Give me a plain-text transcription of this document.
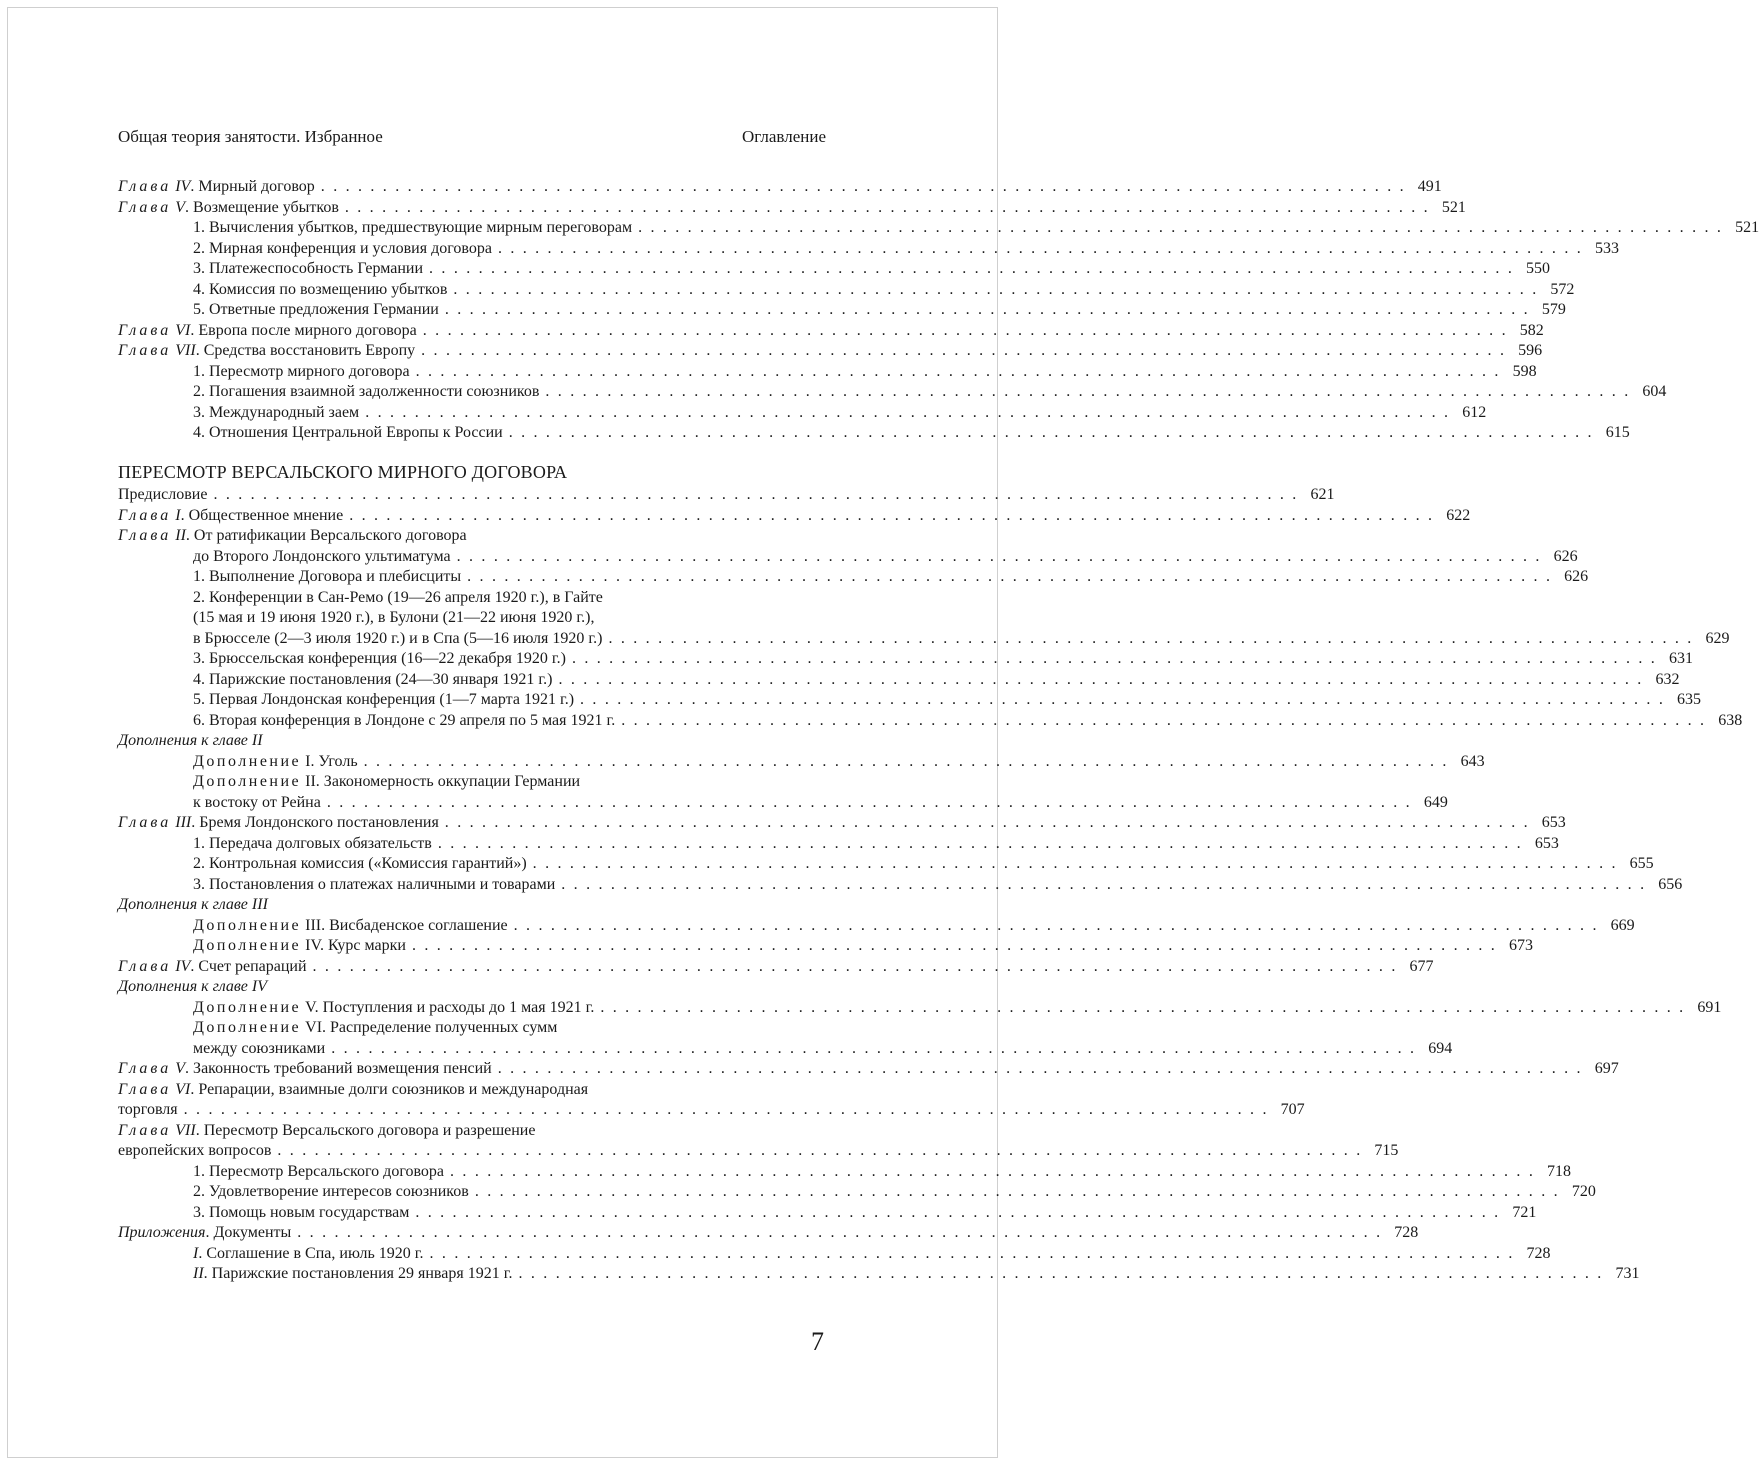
Общая теория занятости. Избранное	Оглавление
Глава IV. Мирный договор . . . . . . . . . . . . . . . . . . . . . . . . . . . . . . . . . . . . . . . . . . . . . . . . . . . . . . . . . . . . . . . . . . . . . . . . . . . . . . . . . . . . . . . . 491
Глава V. Возмещение убытков . . . . . . . . . . . . . . . . . . . . . . . . . . . . . . . . . . . . . . . . . . . . . . . . . . . . . . . . . . . . . . . . . . . . . . . . . . . . . . . . . . . . . . . . 521
1. Вычисления убытков, предшествующие мирным переговорам . . . . . . . . . . . . . . . . . . . . . . . . . . . . . . . . . . . . . . . . . . . . . . . . . . . . . . . . . . . . . . . . . . . . . . . . . . . . . . . . . . . . . . . . 521
2. Мирная конференция и условия договора . . . . . . . . . . . . . . . . . . . . . . . . . . . . . . . . . . . . . . . . . . . . . . . . . . . . . . . . . . . . . . . . . . . . . . . . . . . . . . . . . . . . . . . . 533
3. Платежеспособность Германии . . . . . . . . . . . . . . . . . . . . . . . . . . . . . . . . . . . . . . . . . . . . . . . . . . . . . . . . . . . . . . . . . . . . . . . . . . . . . . . . . . . . . . . . 550
4. Комиссия по возмещению убытков . . . . . . . . . . . . . . . . . . . . . . . . . . . . . . . . . . . . . . . . . . . . . . . . . . . . . . . . . . . . . . . . . . . . . . . . . . . . . . . . . . . . . . . . 572
5. Ответные предложения Германии . . . . . . . . . . . . . . . . . . . . . . . . . . . . . . . . . . . . . . . . . . . . . . . . . . . . . . . . . . . . . . . . . . . . . . . . . . . . . . . . . . . . . . . . 579
Глава VI. Европа после мирного договора . . . . . . . . . . . . . . . . . . . . . . . . . . . . . . . . . . . . . . . . . . . . . . . . . . . . . . . . . . . . . . . . . . . . . . . . . . . . . . . . . . . . . . . . 582
Глава VII. Средства восстановить Европу . . . . . . . . . . . . . . . . . . . . . . . . . . . . . . . . . . . . . . . . . . . . . . . . . . . . . . . . . . . . . . . . . . . . . . . . . . . . . . . . . . . . . . . . 596
1. Пересмотр мирного договора . . . . . . . . . . . . . . . . . . . . . . . . . . . . . . . . . . . . . . . . . . . . . . . . . . . . . . . . . . . . . . . . . . . . . . . . . . . . . . . . . . . . . . . . 598
2. Погашения взаимной задолженности союзников . . . . . . . . . . . . . . . . . . . . . . . . . . . . . . . . . . . . . . . . . . . . . . . . . . . . . . . . . . . . . . . . . . . . . . . . . . . . . . . . . . . . . . . . 604
3. Международный заем . . . . . . . . . . . . . . . . . . . . . . . . . . . . . . . . . . . . . . . . . . . . . . . . . . . . . . . . . . . . . . . . . . . . . . . . . . . . . . . . . . . . . . . . 612
4. Отношения Центральной Европы к России . . . . . . . . . . . . . . . . . . . . . . . . . . . . . . . . . . . . . . . . . . . . . . . . . . . . . . . . . . . . . . . . . . . . . . . . . . . . . . . . . . . . . . . . 615
ПЕРЕСМОТР ВЕРСАЛЬСКОГО МИРНОГО ДОГОВОРА
Предисловие . . . . . . . . . . . . . . . . . . . . . . . . . . . . . . . . . . . . . . . . . . . . . . . . . . . . . . . . . . . . . . . . . . . . . . . . . . . . . . . . . . . . . . . . 621
Глава I. Общественное мнение . . . . . . . . . . . . . . . . . . . . . . . . . . . . . . . . . . . . . . . . . . . . . . . . . . . . . . . . . . . . . . . . . . . . . . . . . . . . . . . . . . . . . . . . 622
Глава II. От ратификации Версальского договора
до Второго Лондонского ультиматума . . . . . . . . . . . . . . . . . . . . . . . . . . . . . . . . . . . . . . . . . . . . . . . . . . . . . . . . . . . . . . . . . . . . . . . . . . . . . . . . . . . . . . . . 626
1. Выполнение Договора и плебисциты . . . . . . . . . . . . . . . . . . . . . . . . . . . . . . . . . . . . . . . . . . . . . . . . . . . . . . . . . . . . . . . . . . . . . . . . . . . . . . . . . . . . . . . . 626
2. Конференции в Сан-Ремо (19—26 апреля 1920 г.), в Гайте
(15 мая и 19 июня 1920 г.), в Булони (21—22 июня 1920 г.),
в Брюсселе (2—3 июля 1920 г.) и в Спа (5—16 июля 1920 г.) . . . . . . . . . . . . . . . . . . . . . . . . . . . . . . . . . . . . . . . . . . . . . . . . . . . . . . . . . . . . . . . . . . . . . . . . . . . . . . . . . . . . . . . . 629
3. Брюссельская конференция (16—22 декабря 1920 г.) . . . . . . . . . . . . . . . . . . . . . . . . . . . . . . . . . . . . . . . . . . . . . . . . . . . . . . . . . . . . . . . . . . . . . . . . . . . . . . . . . . . . . . . . 631
4. Парижские постановления (24—30 января 1921 г.) . . . . . . . . . . . . . . . . . . . . . . . . . . . . . . . . . . . . . . . . . . . . . . . . . . . . . . . . . . . . . . . . . . . . . . . . . . . . . . . . . . . . . . . . 632
5. Первая Лондонская конференция (1—7 марта 1921 г.) . . . . . . . . . . . . . . . . . . . . . . . . . . . . . . . . . . . . . . . . . . . . . . . . . . . . . . . . . . . . . . . . . . . . . . . . . . . . . . . . . . . . . . . . 635
6. Вторая конференция в Лондоне с 29 апреля по 5 мая 1921 г. . . . . . . . . . . . . . . . . . . . . . . . . . . . . . . . . . . . . . . . . . . . . . . . . . . . . . . . . . . . . . . . . . . . . . . . . . . . . . . . . . . . . . . . . 638
Дополнения к главе II
Дополнение I. Уголь . . . . . . . . . . . . . . . . . . . . . . . . . . . . . . . . . . . . . . . . . . . . . . . . . . . . . . . . . . . . . . . . . . . . . . . . . . . . . . . . . . . . . . . . 643
Дополнение II. Закономерность оккупации Германии
к востоку от Рейна . . . . . . . . . . . . . . . . . . . . . . . . . . . . . . . . . . . . . . . . . . . . . . . . . . . . . . . . . . . . . . . . . . . . . . . . . . . . . . . . . . . . . . . . 649
Глава III. Бремя Лондонского постановления . . . . . . . . . . . . . . . . . . . . . . . . . . . . . . . . . . . . . . . . . . . . . . . . . . . . . . . . . . . . . . . . . . . . . . . . . . . . . . . . . . . . . . . . 653
1. Передача долговых обязательств . . . . . . . . . . . . . . . . . . . . . . . . . . . . . . . . . . . . . . . . . . . . . . . . . . . . . . . . . . . . . . . . . . . . . . . . . . . . . . . . . . . . . . . . 653
2. Контрольная комиссия («Комиссия гарантий») . . . . . . . . . . . . . . . . . . . . . . . . . . . . . . . . . . . . . . . . . . . . . . . . . . . . . . . . . . . . . . . . . . . . . . . . . . . . . . . . . . . . . . . . 655
3. Постановления о платежах наличными и товарами . . . . . . . . . . . . . . . . . . . . . . . . . . . . . . . . . . . . . . . . . . . . . . . . . . . . . . . . . . . . . . . . . . . . . . . . . . . . . . . . . . . . . . . . 656
Дополнения к главе III
Дополнение III. Висбаденское соглашение . . . . . . . . . . . . . . . . . . . . . . . . . . . . . . . . . . . . . . . . . . . . . . . . . . . . . . . . . . . . . . . . . . . . . . . . . . . . . . . . . . . . . . . . 669
Дополнение IV. Курс марки . . . . . . . . . . . . . . . . . . . . . . . . . . . . . . . . . . . . . . . . . . . . . . . . . . . . . . . . . . . . . . . . . . . . . . . . . . . . . . . . . . . . . . . . 673
Глава IV. Счет репараций . . . . . . . . . . . . . . . . . . . . . . . . . . . . . . . . . . . . . . . . . . . . . . . . . . . . . . . . . . . . . . . . . . . . . . . . . . . . . . . . . . . . . . . . 677
Дополнения к главе IV
Дополнение V. Поступления и расходы до 1 мая 1921 г. . . . . . . . . . . . . . . . . . . . . . . . . . . . . . . . . . . . . . . . . . . . . . . . . . . . . . . . . . . . . . . . . . . . . . . . . . . . . . . . . . . . . . . . . 691
Дополнение VI. Распределение полученных сумм
между союзниками . . . . . . . . . . . . . . . . . . . . . . . . . . . . . . . . . . . . . . . . . . . . . . . . . . . . . . . . . . . . . . . . . . . . . . . . . . . . . . . . . . . . . . . . 694
Глава V. Законность требований возмещения пенсий . . . . . . . . . . . . . . . . . . . . . . . . . . . . . . . . . . . . . . . . . . . . . . . . . . . . . . . . . . . . . . . . . . . . . . . . . . . . . . . . . . . . . . . . 697
Глава VI. Репарации, взаимные долги союзников и международная
торговля . . . . . . . . . . . . . . . . . . . . . . . . . . . . . . . . . . . . . . . . . . . . . . . . . . . . . . . . . . . . . . . . . . . . . . . . . . . . . . . . . . . . . . . . 707
Глава VII. Пересмотр Версальского договора и разрешение
европейских вопросов . . . . . . . . . . . . . . . . . . . . . . . . . . . . . . . . . . . . . . . . . . . . . . . . . . . . . . . . . . . . . . . . . . . . . . . . . . . . . . . . . . . . . . . . 715
1. Пересмотр Версальского договора . . . . . . . . . . . . . . . . . . . . . . . . . . . . . . . . . . . . . . . . . . . . . . . . . . . . . . . . . . . . . . . . . . . . . . . . . . . . . . . . . . . . . . . . 718
2. Удовлетворение интересов союзников . . . . . . . . . . . . . . . . . . . . . . . . . . . . . . . . . . . . . . . . . . . . . . . . . . . . . . . . . . . . . . . . . . . . . . . . . . . . . . . . . . . . . . . . 720
3. Помощь новым государствам . . . . . . . . . . . . . . . . . . . . . . . . . . . . . . . . . . . . . . . . . . . . . . . . . . . . . . . . . . . . . . . . . . . . . . . . . . . . . . . . . . . . . . . . 721
Приложения. Документы . . . . . . . . . . . . . . . . . . . . . . . . . . . . . . . . . . . . . . . . . . . . . . . . . . . . . . . . . . . . . . . . . . . . . . . . . . . . . . . . . . . . . . . . 728
I. Соглашение в Спа, июль 1920 г. . . . . . . . . . . . . . . . . . . . . . . . . . . . . . . . . . . . . . . . . . . . . . . . . . . . . . . . . . . . . . . . . . . . . . . . . . . . . . . . . . . . . . . . . 728
II. Парижские постановления 29 января 1921 г. . . . . . . . . . . . . . . . . . . . . . . . . . . . . . . . . . . . . . . . . . . . . . . . . . . . . . . . . . . . . . . . . . . . . . . . . . . . . . . . . . . . . . . . . 731
7
